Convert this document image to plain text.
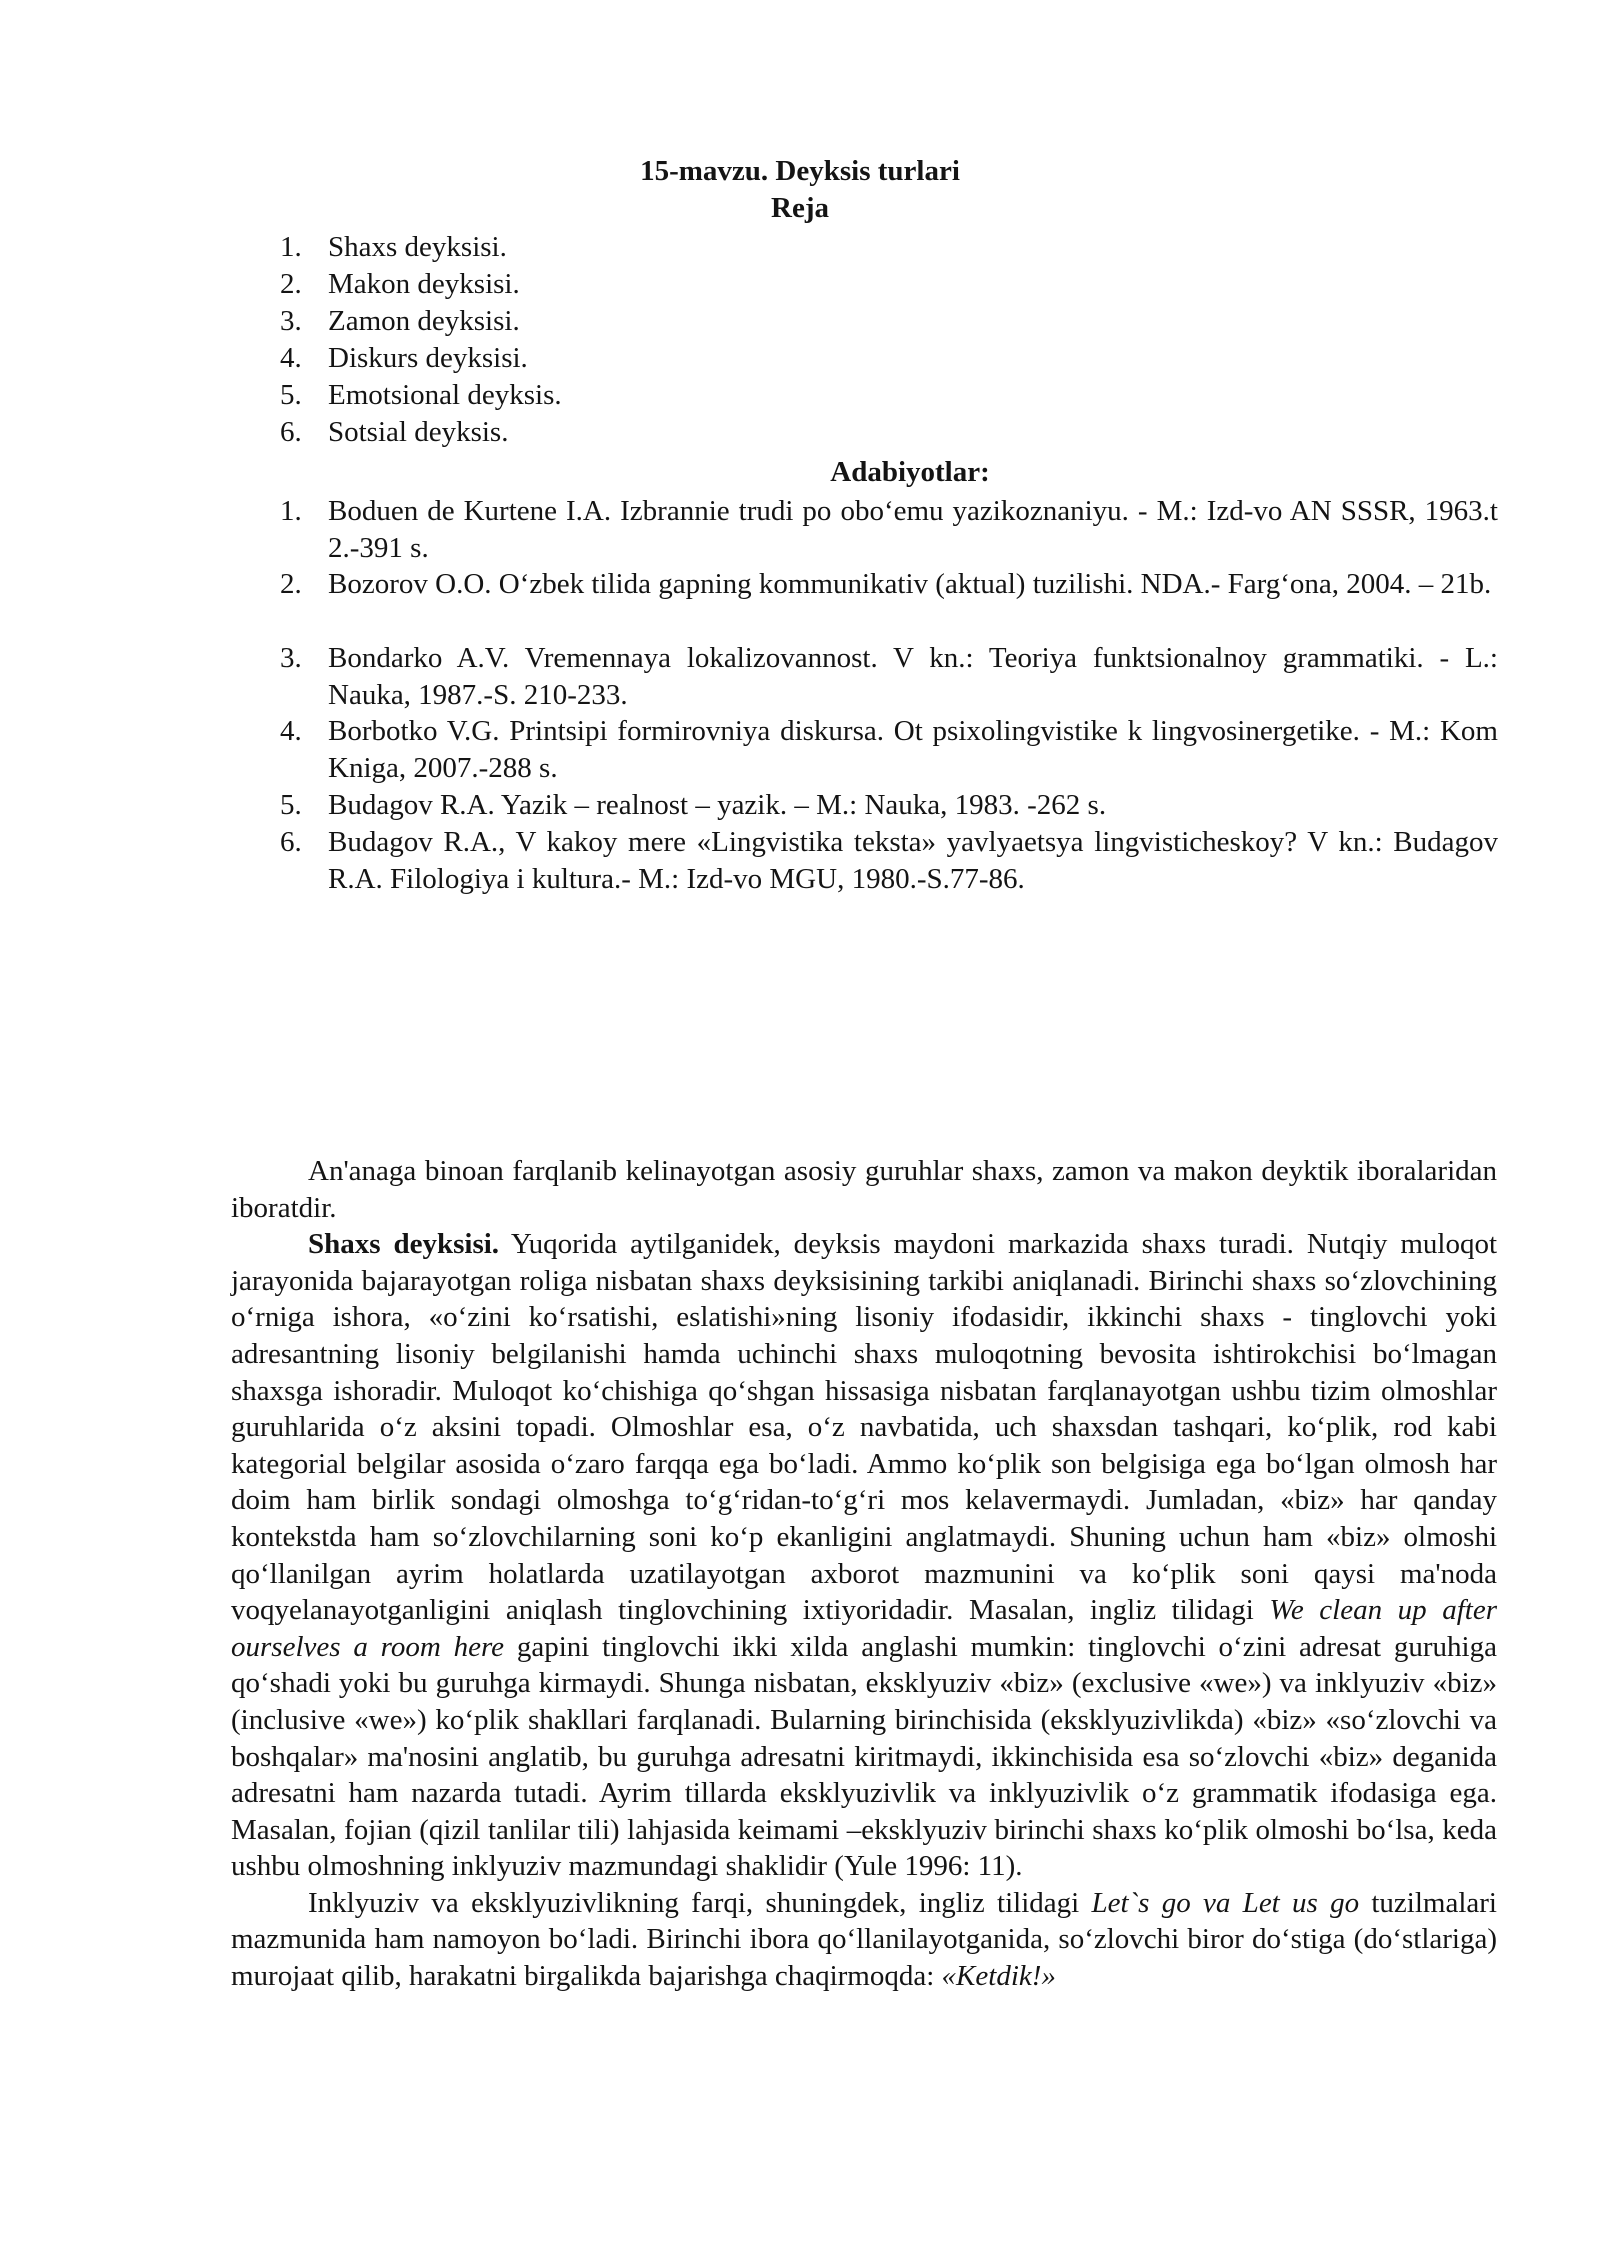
15-mavzu. Deyksis turlari
Reja
1. Shaxs deyksisi.
2. Makon deyksisi.
3. Zamon deyksisi.
4. Diskurs deyksisi.
5. Emotsional deyksis.
6. Sotsial deyksis.
Adabiyotlar:
1. Boduen de Kurtene I.A. Izbrannie trudi po obo‘emu yazikoznaniyu. - M.: Izd-vo AN SSSR, 1963.t 2.-391 s.
2. Bozorov O.O. O‘zbek tilida gapning kommunikativ (aktual) tuzilishi. NDA.- Farg‘ona, 2004. – 21b.
3. Bondarko A.V. Vremennaya lokalizovannost. V kn.: Teoriya funktsionalnoy grammatiki. - L.: Nauka, 1987.-S. 210-233.
4. Borbotko V.G. Printsipi formirovniya diskursa. Ot psixolingvistike k lingvosinergetike. - M.: Kom Kniga, 2007.-288 s.
5. Budagov R.A. Yazik – realnost – yazik. – M.: Nauka, 1983. -262 s.
6. Budagov R.A., V kakoy mere «Lingvistika teksta» yavlyaetsya lingvisticheskoy? V kn.: Budagov R.A. Filologiya i kultura.- M.: Izd-vo MGU, 1980.-S.77-86.

An'anaga binoan farqlanib kelinayotgan asosiy guruhlar shaxs, zamon va makon deyktik iboralaridan iboratdir.

Shaxs deyksisi. Yuqorida aytilganidek, deyksis maydoni markazida shaxs turadi. Nutqiy muloqot jarayonida bajarayotgan roliga nisbatan shaxs deyksisining tarkibi aniqlanadi. Birinchi shaxs so‘zlovchining o‘rniga ishora, «o‘zini ko‘rsatishi, eslatishi»ning lisoniy ifodasidir, ikkinchi shaxs - tinglovchi yoki adresantning lisoniy belgilanishi hamda uchinchi shaxs muloqotning bevosita ishtirokchisi bo‘lmagan shaxsga ishoradir. Muloqot ko‘chishiga qo‘shgan hissasiga nisbatan farqlanayotgan ushbu tizim olmoshlar guruhlarida o‘z aksini topadi. Olmoshlar esa, o‘z navbatida, uch shaxsdan tashqari, ko‘plik, rod kabi kategorial belgilar asosida o‘zaro farqqa ega bo‘ladi. Ammo ko‘plik son belgisiga ega bo‘lgan olmosh har doim ham birlik sondagi olmoshga to‘g‘ridan-to‘g‘ri mos kelavermaydi. Jumladan, «biz» har qanday kontekstda ham so‘zlovchilarning soni ko‘p ekanligini anglatmaydi. Shuning uchun ham «biz» olmoshi qo‘llanilgan ayrim holatlarda uzatilayotgan axborot mazmunini va ko‘plik soni qaysi ma'noda voqyelanayotganligini aniqlash tinglovchining ixtiyoridadir. Masalan, ingliz tilidagi We clean up after ourselves a room here gapini tinglovchi ikki xilda anglashi mumkin: tinglovchi o‘zini adresat guruhiga qo‘shadi yoki bu guruhga kirmaydi. Shunga nisbatan, eksklyuziv «biz» (exclusive «we») va inklyuziv «biz» (inclusive «we») ko‘plik shakllari farqlanadi. Bularning birinchisida (eksklyuzivlikda) «biz» «so‘zlovchi va boshqalar» ma'nosini anglatib, bu guruhga adresatni kiritmaydi, ikkinchisida esa so‘zlovchi «biz» deganida adresatni ham nazarda tutadi. Ayrim tillarda eksklyuzivlik va inklyuzivlik o‘z grammatik ifodasiga ega. Masalan, fojian (qizil tanlilar tili) lahjasida keimami –eksklyuziv birinchi shaxs ko‘plik olmoshi bo‘lsa, keda ushbu olmoshning inklyuziv mazmundagi shaklidir (Yule 1996: 11).

Inklyuziv va eksklyuzivlikning farqi, shuningdek, ingliz tilidagi Let`s go va Let us go tuzilmalari mazmunida ham namoyon bo‘ladi. Birinchi ibora qo‘llanilayotganida, so‘zlovchi biror do‘stiga (do‘stlariga) murojaat qilib, harakatni birgalikda bajarishga chaqirmoqda: «Ketdik!»
